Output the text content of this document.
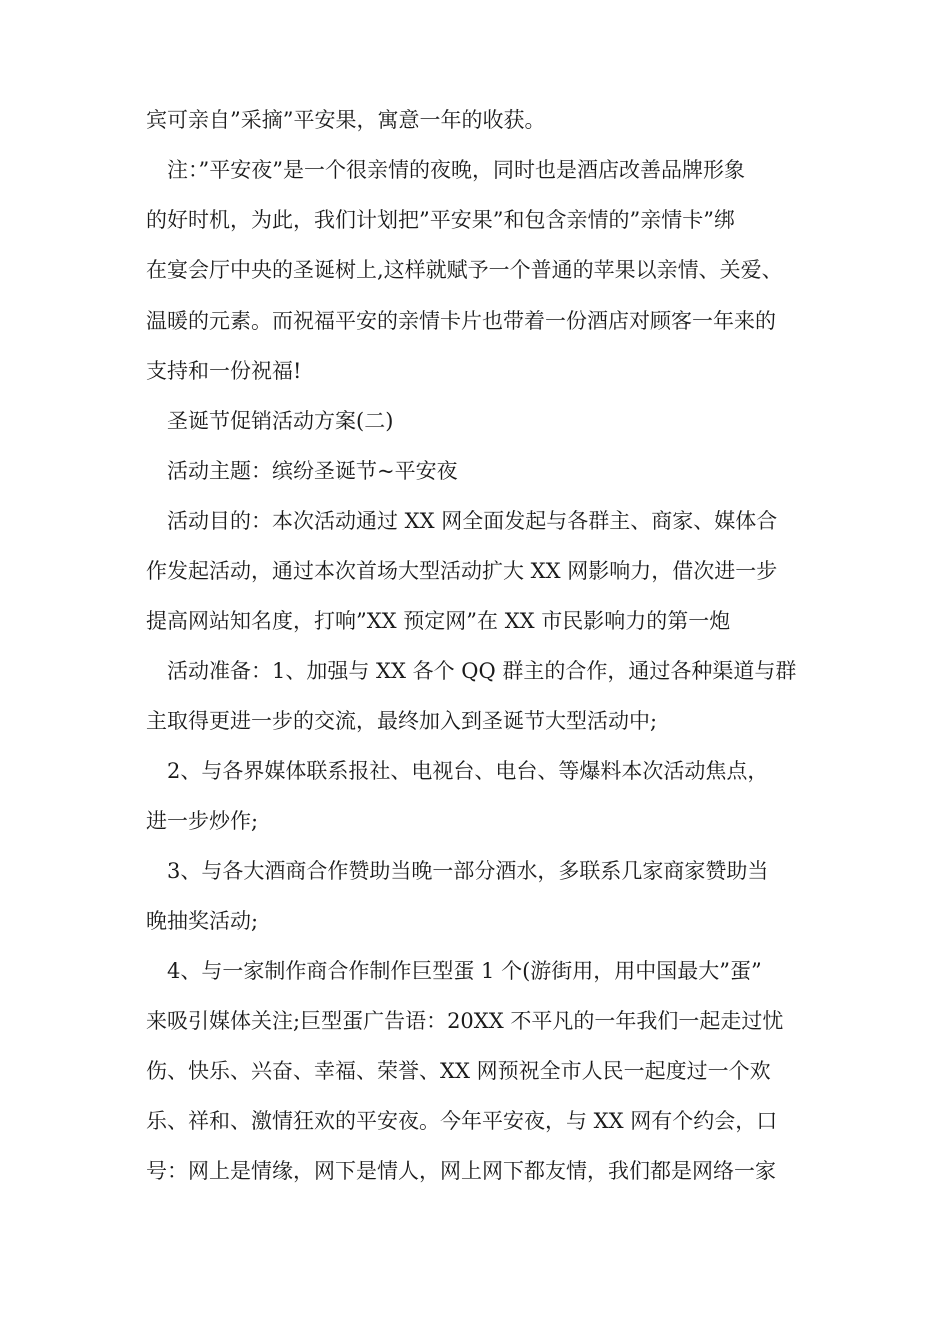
宾可亲自”采摘”平安果，寓意一年的收获。
　注：”平安夜”是一个很亲情的夜晚，同时也是酒店改善品牌形象
的好时机，为此，我们计划把”平安果”和包含亲情的”亲情卡”绑
在宴会厅中央的圣诞树上,这样就赋予一个普通的苹果以亲情、关爱、
温暖的元素。而祝福平安的亲情卡片也带着一份酒店对顾客一年来的
支持和一份祝福!
　圣诞节促销活动方案(二)
　活动主题：缤纷圣诞节~平安夜
　活动目的：本次活动通过 XX 网全面发起与各群主、商家、媒体合
作发起活动，通过本次首场大型活动扩大 XX 网影响力，借次进一步
提高网站知名度，打响”XX 预定网”在 XX 市民影响力的第一炮
　活动准备：1、加强与 XX 各个 QQ 群主的合作，通过各种渠道与群
主取得更进一步的交流，最终加入到圣诞节大型活动中;
　2、与各界媒体联系报社、电视台、电台、等爆料本次活动焦点，
进一步炒作;
　3、与各大酒商合作赞助当晚一部分酒水，多联系几家商家赞助当
晚抽奖活动;
　4、与一家制作商合作制作巨型蛋 1 个(游街用，用中国最大”蛋”
来吸引媒体关注;巨型蛋广告语：20XX 不平凡的一年我们一起走过忧
伤、快乐、兴奋、幸福、荣誉、XX 网预祝全市人民一起度过一个欢
乐、祥和、激情狂欢的平安夜。今年平安夜，与 XX 网有个约会，口
号：网上是情缘，网下是情人，网上网下都友情，我们都是网络一家
